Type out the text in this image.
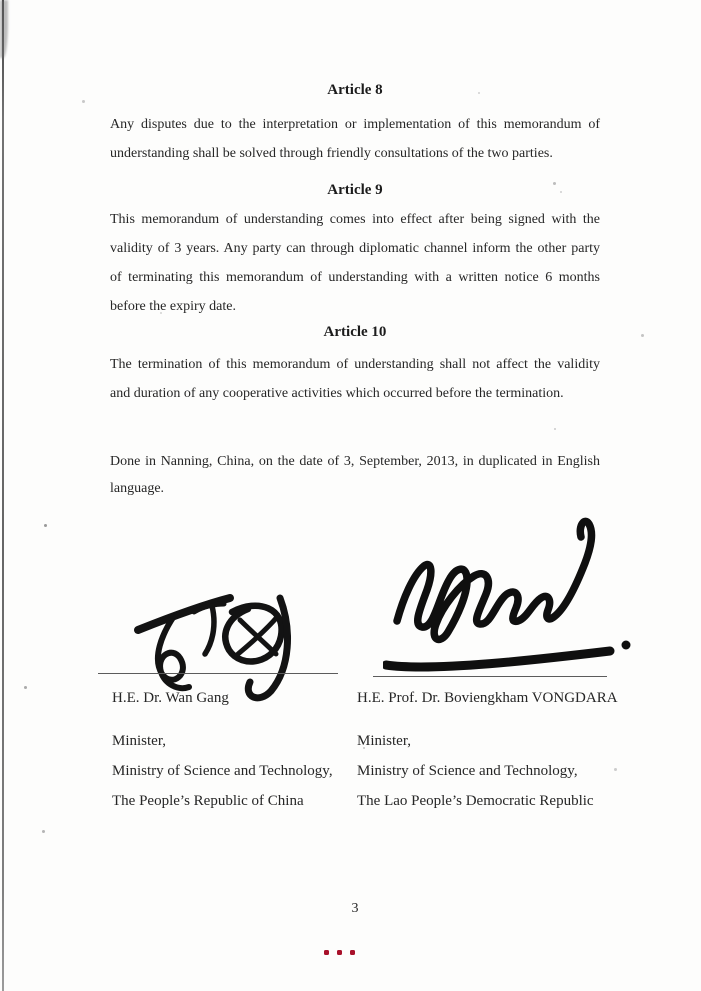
Article 8
Any disputes due to the interpretation or implementation of this memorandum of
understanding shall be solved through friendly consultations of the two parties.
Article 9
This memorandum of understanding comes into effect after being signed with the
validity of 3 years. Any party can through diplomatic channel inform the other party
of terminating this memorandum of understanding with a written notice 6 months
before the expiry date.
Article 10
The termination of this memorandum of understanding shall not affect the validity
and duration of any cooperative activities which occurred before the termination.
Done in Nanning, China, on the date of 3, September, 2013, in duplicated in English
language.
H.E. Dr. Wan Gang	H.E. Prof. Dr. Boviengkham VONGDARA
Minister,
Ministry of Science and Technology,
The People’s Republic of China
Minister,
Ministry of Science and Technology,
The Lao People’s Democratic Republic
3
